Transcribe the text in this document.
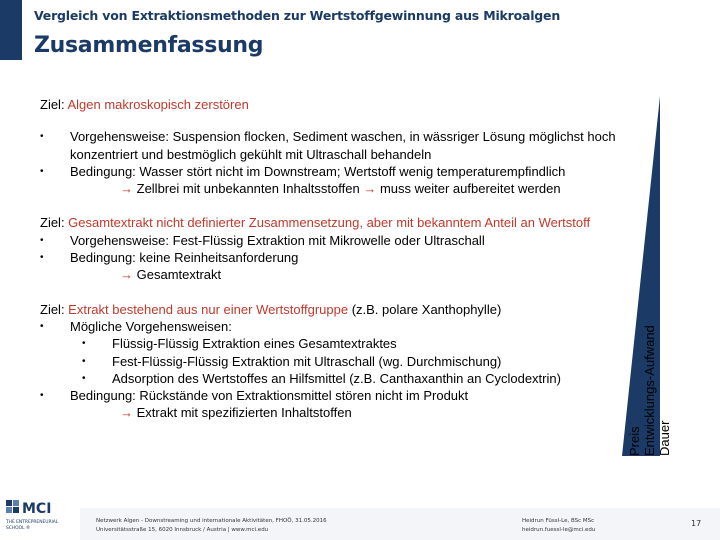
Vergleich von Extraktionsmethoden zur Wertstoffgewinnung aus Mikroalgen
Zusammenfassung
Ziel: Algen makroskopisch zerstören
• Vorgehensweise: Suspension flocken, Sediment waschen, in wässriger Lösung möglichst hoch
konzentriert und bestmöglich gekühlt mit Ultraschall behandeln
• Bedingung: Wasser stört nicht im Downstream; Wertstoff wenig temperaturempfindlich
→ Zellbrei mit unbekannten Inhaltsstoffen → muss weiter aufbereitet werden
Ziel: Gesamtextrakt nicht definierter Zusammensetzung, aber mit bekanntem Anteil an Wertstoff
• Vorgehensweise: Fest-Flüssig Extraktion mit Mikrowelle oder Ultraschall
• Bedingung: keine Reinheitsanforderung
→ Gesamtextrakt
Ziel: Extrakt bestehend aus nur einer Wertstoffgruppe (z.B. polare Xanthophylle)
• Mögliche Vorgehensweisen:
• Flüssig-Flüssig Extraktion eines Gesamtextraktes
• Fest-Flüssig-Flüssig Extraktion mit Ultraschall (wg. Durchmischung)
• Adsorption des Wertstoffes an Hilfsmittel (z.B. Canthaxanthin an Cyclodextrin)
• Bedingung: Rückstände von Extraktionsmittel stören nicht im Produkt
→ Extrakt mit spezifizierten Inhaltstoffen
Preis Entwicklungs-Aufwand Dauer
MCI
THE ENTREPRENEURIAL
SCHOOL ®
Netzwerk Algen - Downstreaming und internationale Aktivitäten, FHOÖ, 31.05.2016
Universitätsstraße 15, 6020 Innsbruck / Austria | www.mci.edu
Heidrun Füssl-Le, BSc MSc
heidrun.fuessl-le@mci.edu
17
